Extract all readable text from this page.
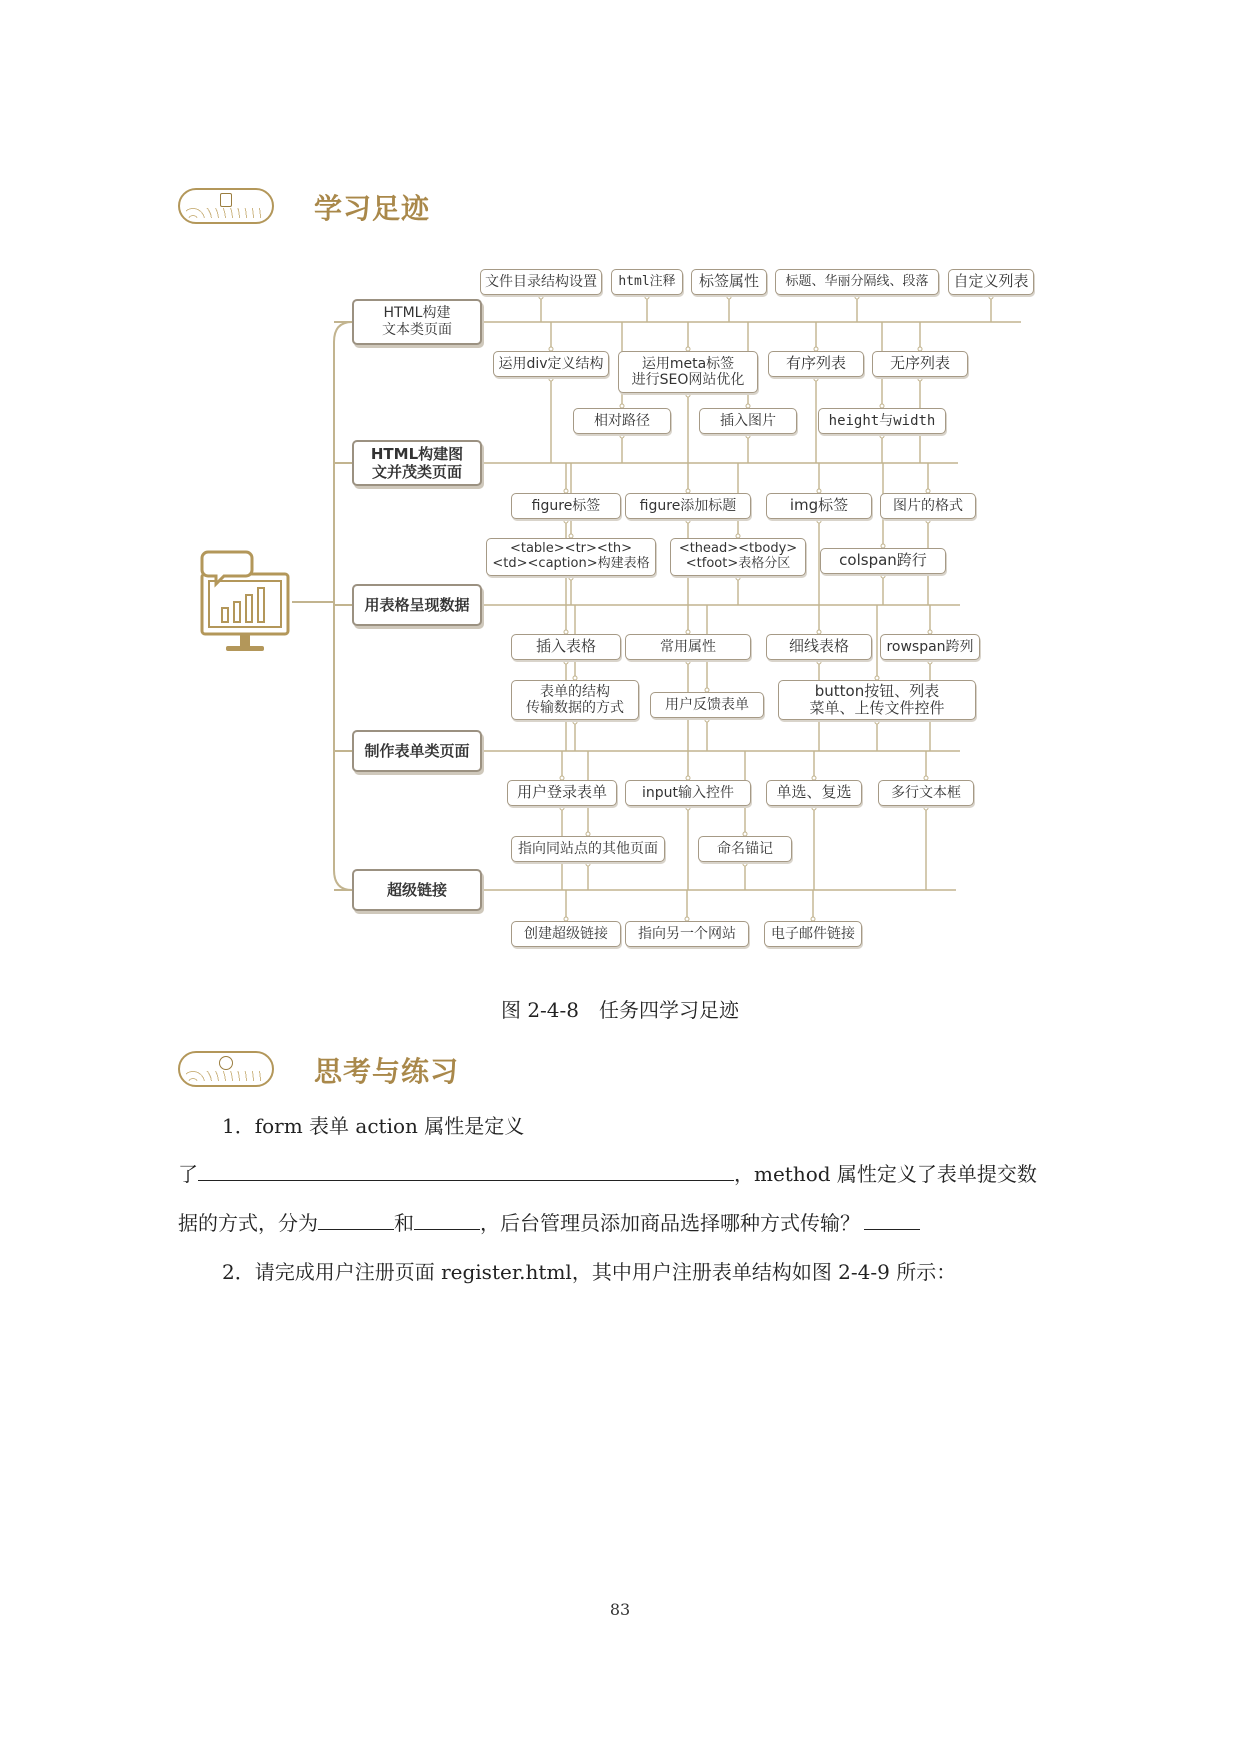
学习足迹
HTML构建
文本类页面
文件目录结构设置	html注释	标签属性	标题、华丽分隔线、段落	自定义列表
运用div定义结构	运用meta标签
进行SEO网站优化
有序列表	无序列表
HTML构建图
文并茂类页面
相对路径	插入图片	height与width
figure标签	figure添加标题	img标签	图片的格式
用表格呈现数据
<table><tr><th>
<td><caption>构建表格
<thead><tbody>
<tfoot>表格分区	colspan跨行
插入表格	常用属性	细线表格	rowspan跨列
制作表单类页面
表单的结构
传输数据的方式	用户反馈表单
button按钮、列表
菜单、上传文件控件
用户登录表单	input输入控件	单选、复选	多行文本框
超级链接
指向同站点的其他页面	命名锚记
创建超级链接	指向另一个网站	电子邮件链接
图 2-4-8　任务四学习足迹
思考与练习
1．form 表单 action 属性是定义
了	，method 属性定义了表单提交数
据的方式，分为	和	，后台管理员添加商品选择哪种方式传输？
2．请完成用户注册页面 register.html，其中用户注册表单结构如图 2-4-9 所示：
83
